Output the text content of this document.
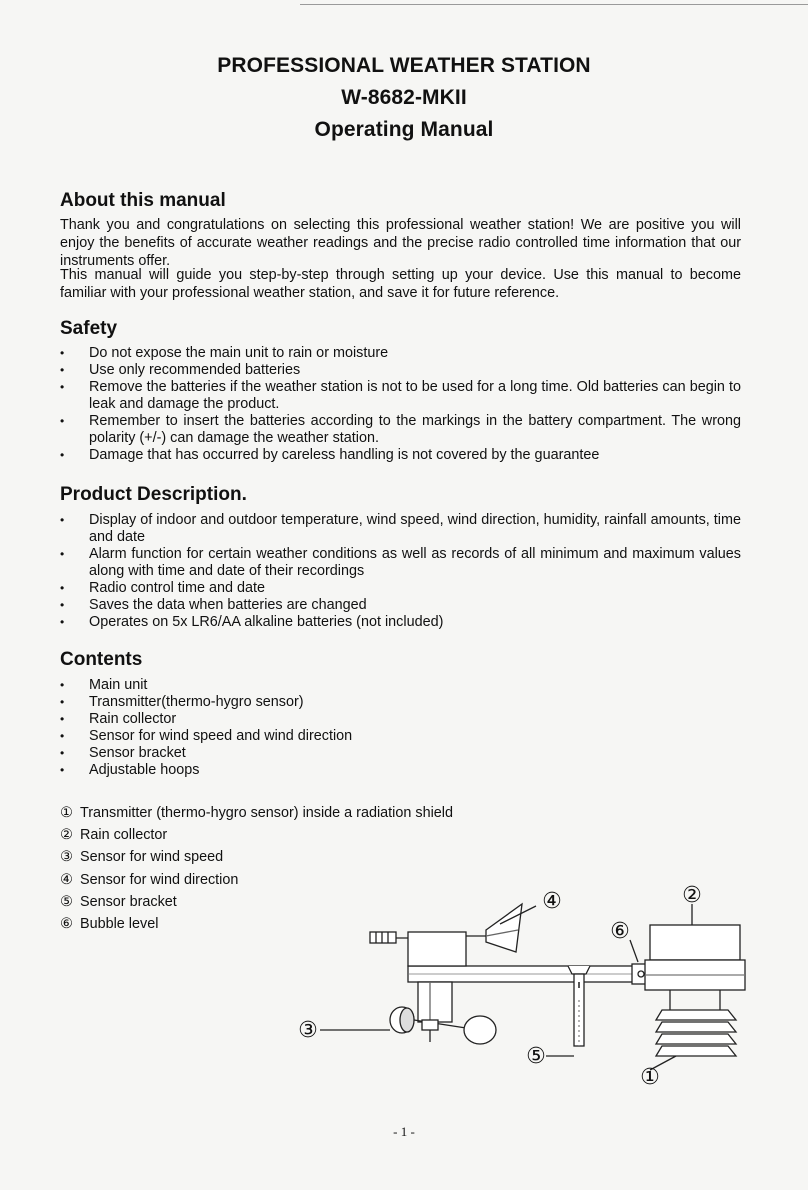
PROFESSIONAL WEATHER STATION
W-8682-MKII
Operating Manual
About this manual

Thank you and congratulations on selecting this professional weather station! We are positive you will enjoy the benefits of accurate weather readings and the precise radio controlled time information that our instruments offer.

This manual will guide you step-by-step through setting up your device. Use this manual to become familiar with your professional weather station, and save it for future reference.

Safety
• Do not expose the main unit to rain or moisture
• Use only recommended batteries
• Remove the batteries if the weather station is not to be used for a long time. Old batteries can begin to leak and damage the product.
• Remember to insert the batteries according to the markings in the battery compartment. The wrong polarity (+/-) can damage the weather station.
• Damage that has occurred by careless handling is not covered by the guarantee
Product Description.
• Display of indoor and outdoor temperature, wind speed, wind direction, humidity, rainfall amounts, time and date
• Alarm function for certain weather conditions as well as records of all minimum and maximum values along with time and date of their recordings
• Radio control time and date
• Saves the data when batteries are changed
• Operates on 5x LR6/AA alkaline batteries (not included)
Contents
• Main unit
• Transmitter(thermo-hygro sensor)
• Rain collector
• Sensor for wind speed and wind direction
• Sensor bracket
• Adjustable hoops
① Transmitter (thermo-hygro sensor) inside a radiation shield
② Rain collector
③ Sensor for wind speed
④ Sensor for wind direction
⑤ Sensor bracket
⑥ Bubble level
③
④
⑥
②
⑤
①
- 1 -
